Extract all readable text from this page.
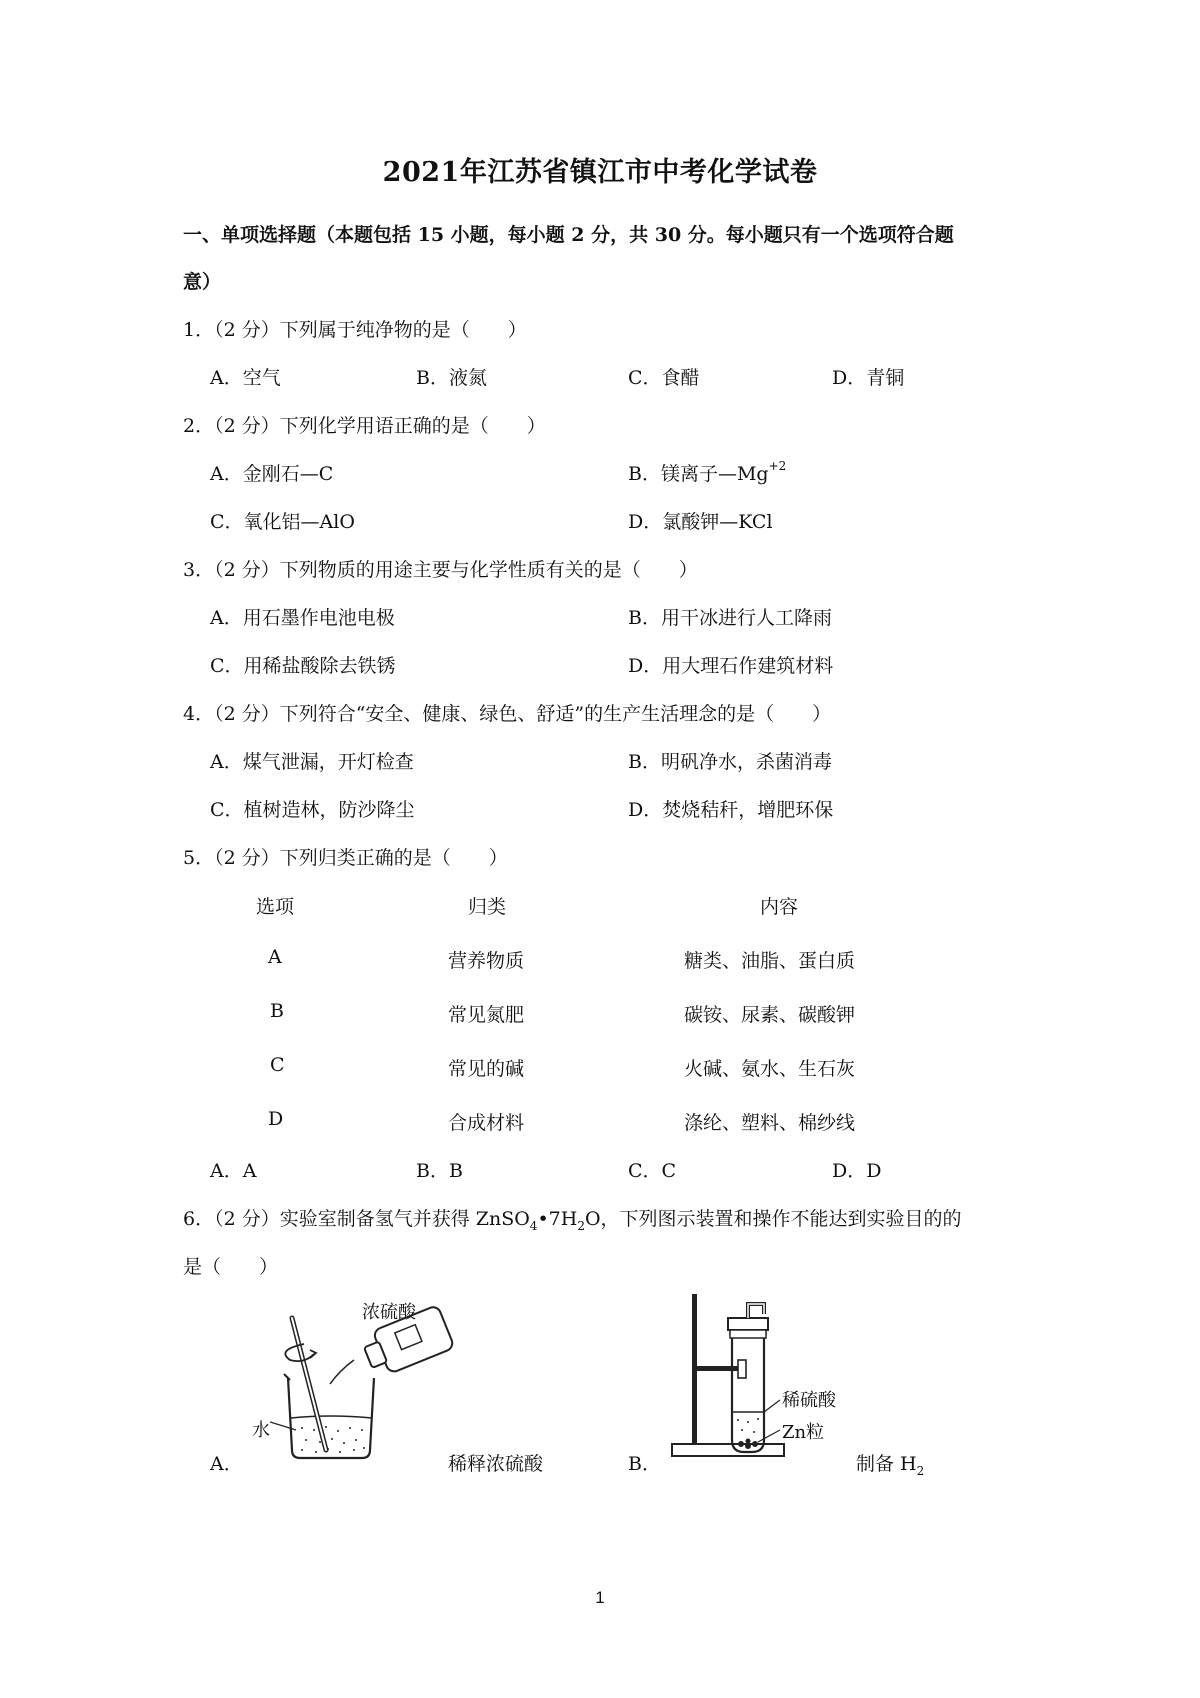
2021年江苏省镇江市中考化学试卷
一、单项选择题（本题包括 15 小题，每小题 2 分，共 30 分。每小题只有一个选项符合题
意）
1．（2 分）下列属于纯净物的是（　　）
A．空气	B．液氮	C．食醋	D．青铜
2．（2 分）下列化学用语正确的是（　　）
A．金刚石—C	B．镁离子$—Mg^{+2}$
C．氧化铝—AlO	D．氯酸钾—KCl
3．（2 分）下列物质的用途主要与化学性质有关的是（　　）
A．用石墨作电池电极	B．用干冰进行人工降雨
C．用稀盐酸除去铁锈	D．用大理石作建筑材料
4．（2 分）下列符合“安全、健康、绿色、舒适”的生产生活理念的是（　　）
A．煤气泄漏，开灯检查	B．明矾净水，杀菌消毒
C．植树造林，防沙降尘	D．焚烧秸秆，增肥环保
5．（2 分）下列归类正确的是（　　）
选项	归类	内容
A	营养物质	糖类、油脂、蛋白质
B	常见氮肥	碳铵、尿素、碳酸钾
C	常见的碱	火碱、氨水、生石灰
D	合成材料	涤纶、塑料、棉纱线
A．A	B．B	C．C	D．D
6．（2 分）实验室制备氢气并获得 $ZnSO_4•7H_2O$，下列图示装置和操作不能达到实验目的的
是（　　）
A．
浓硫酸
水
稀释浓硫酸	B．
稀硫酸
Zn粒
制备 $H_2$
1
